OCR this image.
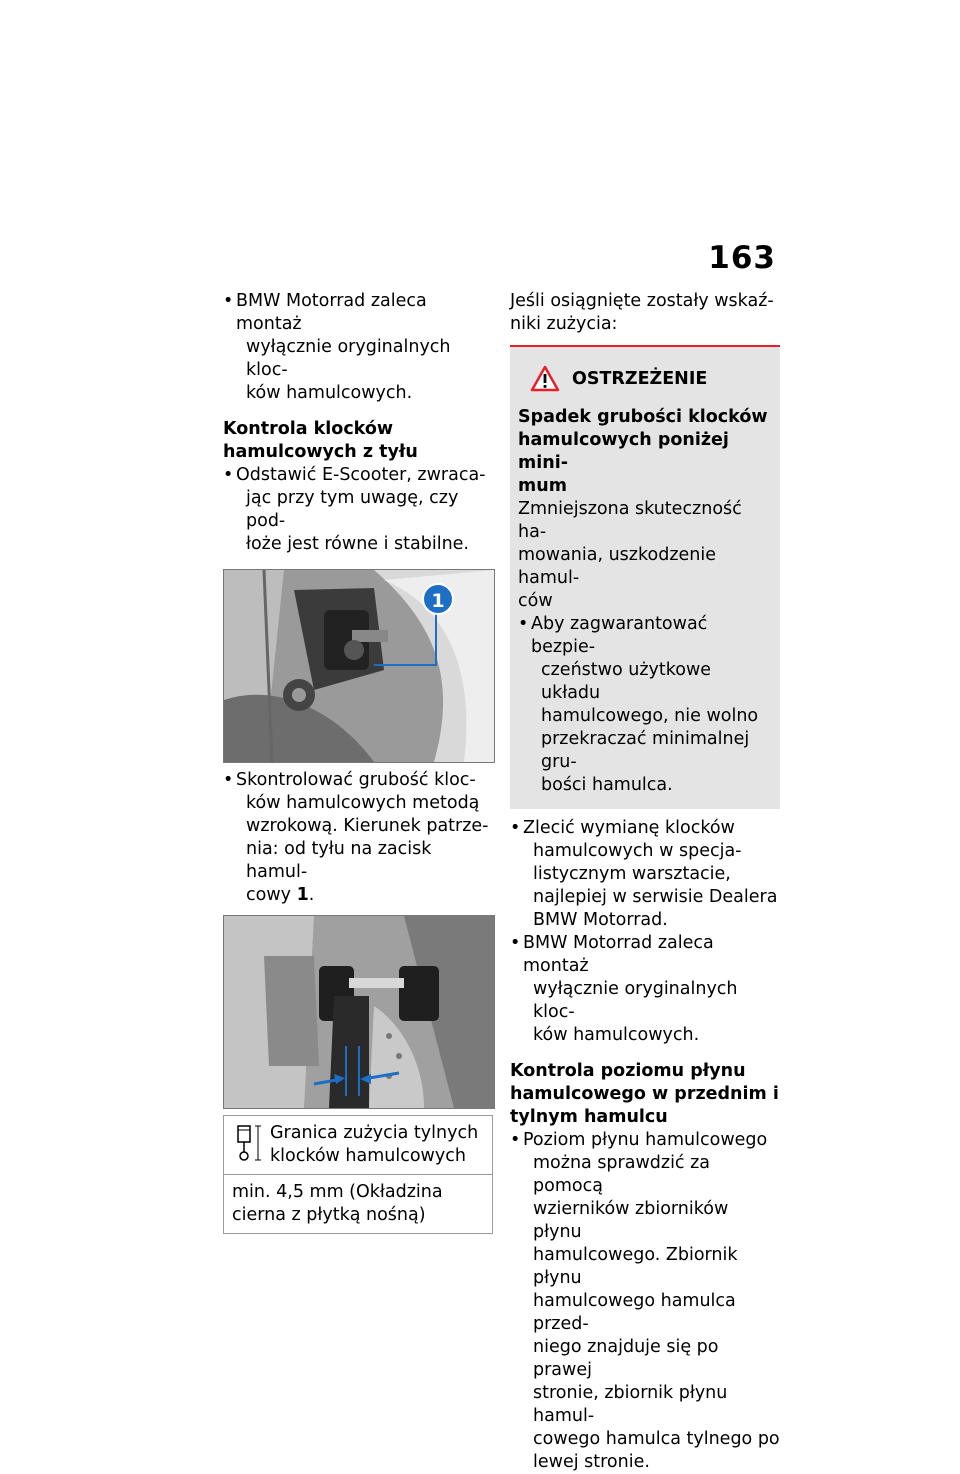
163
• BMW Motorrad zaleca montaż
wyłącznie oryginalnych kloc-
ków hamulcowych.
Kontrola klocków
hamulcowych z tyłu
• Odstawić E-Scooter, zwraca-
jąc przy tym uwagę, czy pod-
łoże jest równe i stabilne.
1
• Skontrolować grubość kloc-
ków hamulcowych metodą
wzrokową. Kierunek patrze-
nia: od tyłu na zacisk hamul-
cowy 1.
Granica zużycia tylnych
klocków hamulcowych
min. 4,5 mm (Okładzina
cierna z płytką nośną)
Jeśli osiągnięte zostały wskaź-
niki zużycia:
OSTRZEŻENIE
Spadek grubości klocków
hamulcowych poniżej mini-
mum
Zmniejszona skuteczność ha-
mowania, uszkodzenie hamul-
ców
• Aby zagwarantować bezpie-
czeństwo użytkowe układu
hamulcowego, nie wolno
przekraczać minimalnej gru-
bości hamulca.
• Zlecić wymianę klocków
hamulcowych w specja-
listycznym warsztacie,
najlepiej w serwisie Dealera
BMW Motorrad.
• BMW Motorrad zaleca montaż
wyłącznie oryginalnych kloc-
ków hamulcowych.
Kontrola poziomu płynu
hamulcowego w przednim i
tylnym hamulcu
• Poziom płynu hamulcowego
można sprawdzić za pomocą
wzierników zbiorników płynu
hamulcowego. Zbiornik płynu
hamulcowego hamulca przed-
niego znajduje się po prawej
stronie, zbiornik płynu hamul-
cowego hamulca tylnego po
lewej stronie.
